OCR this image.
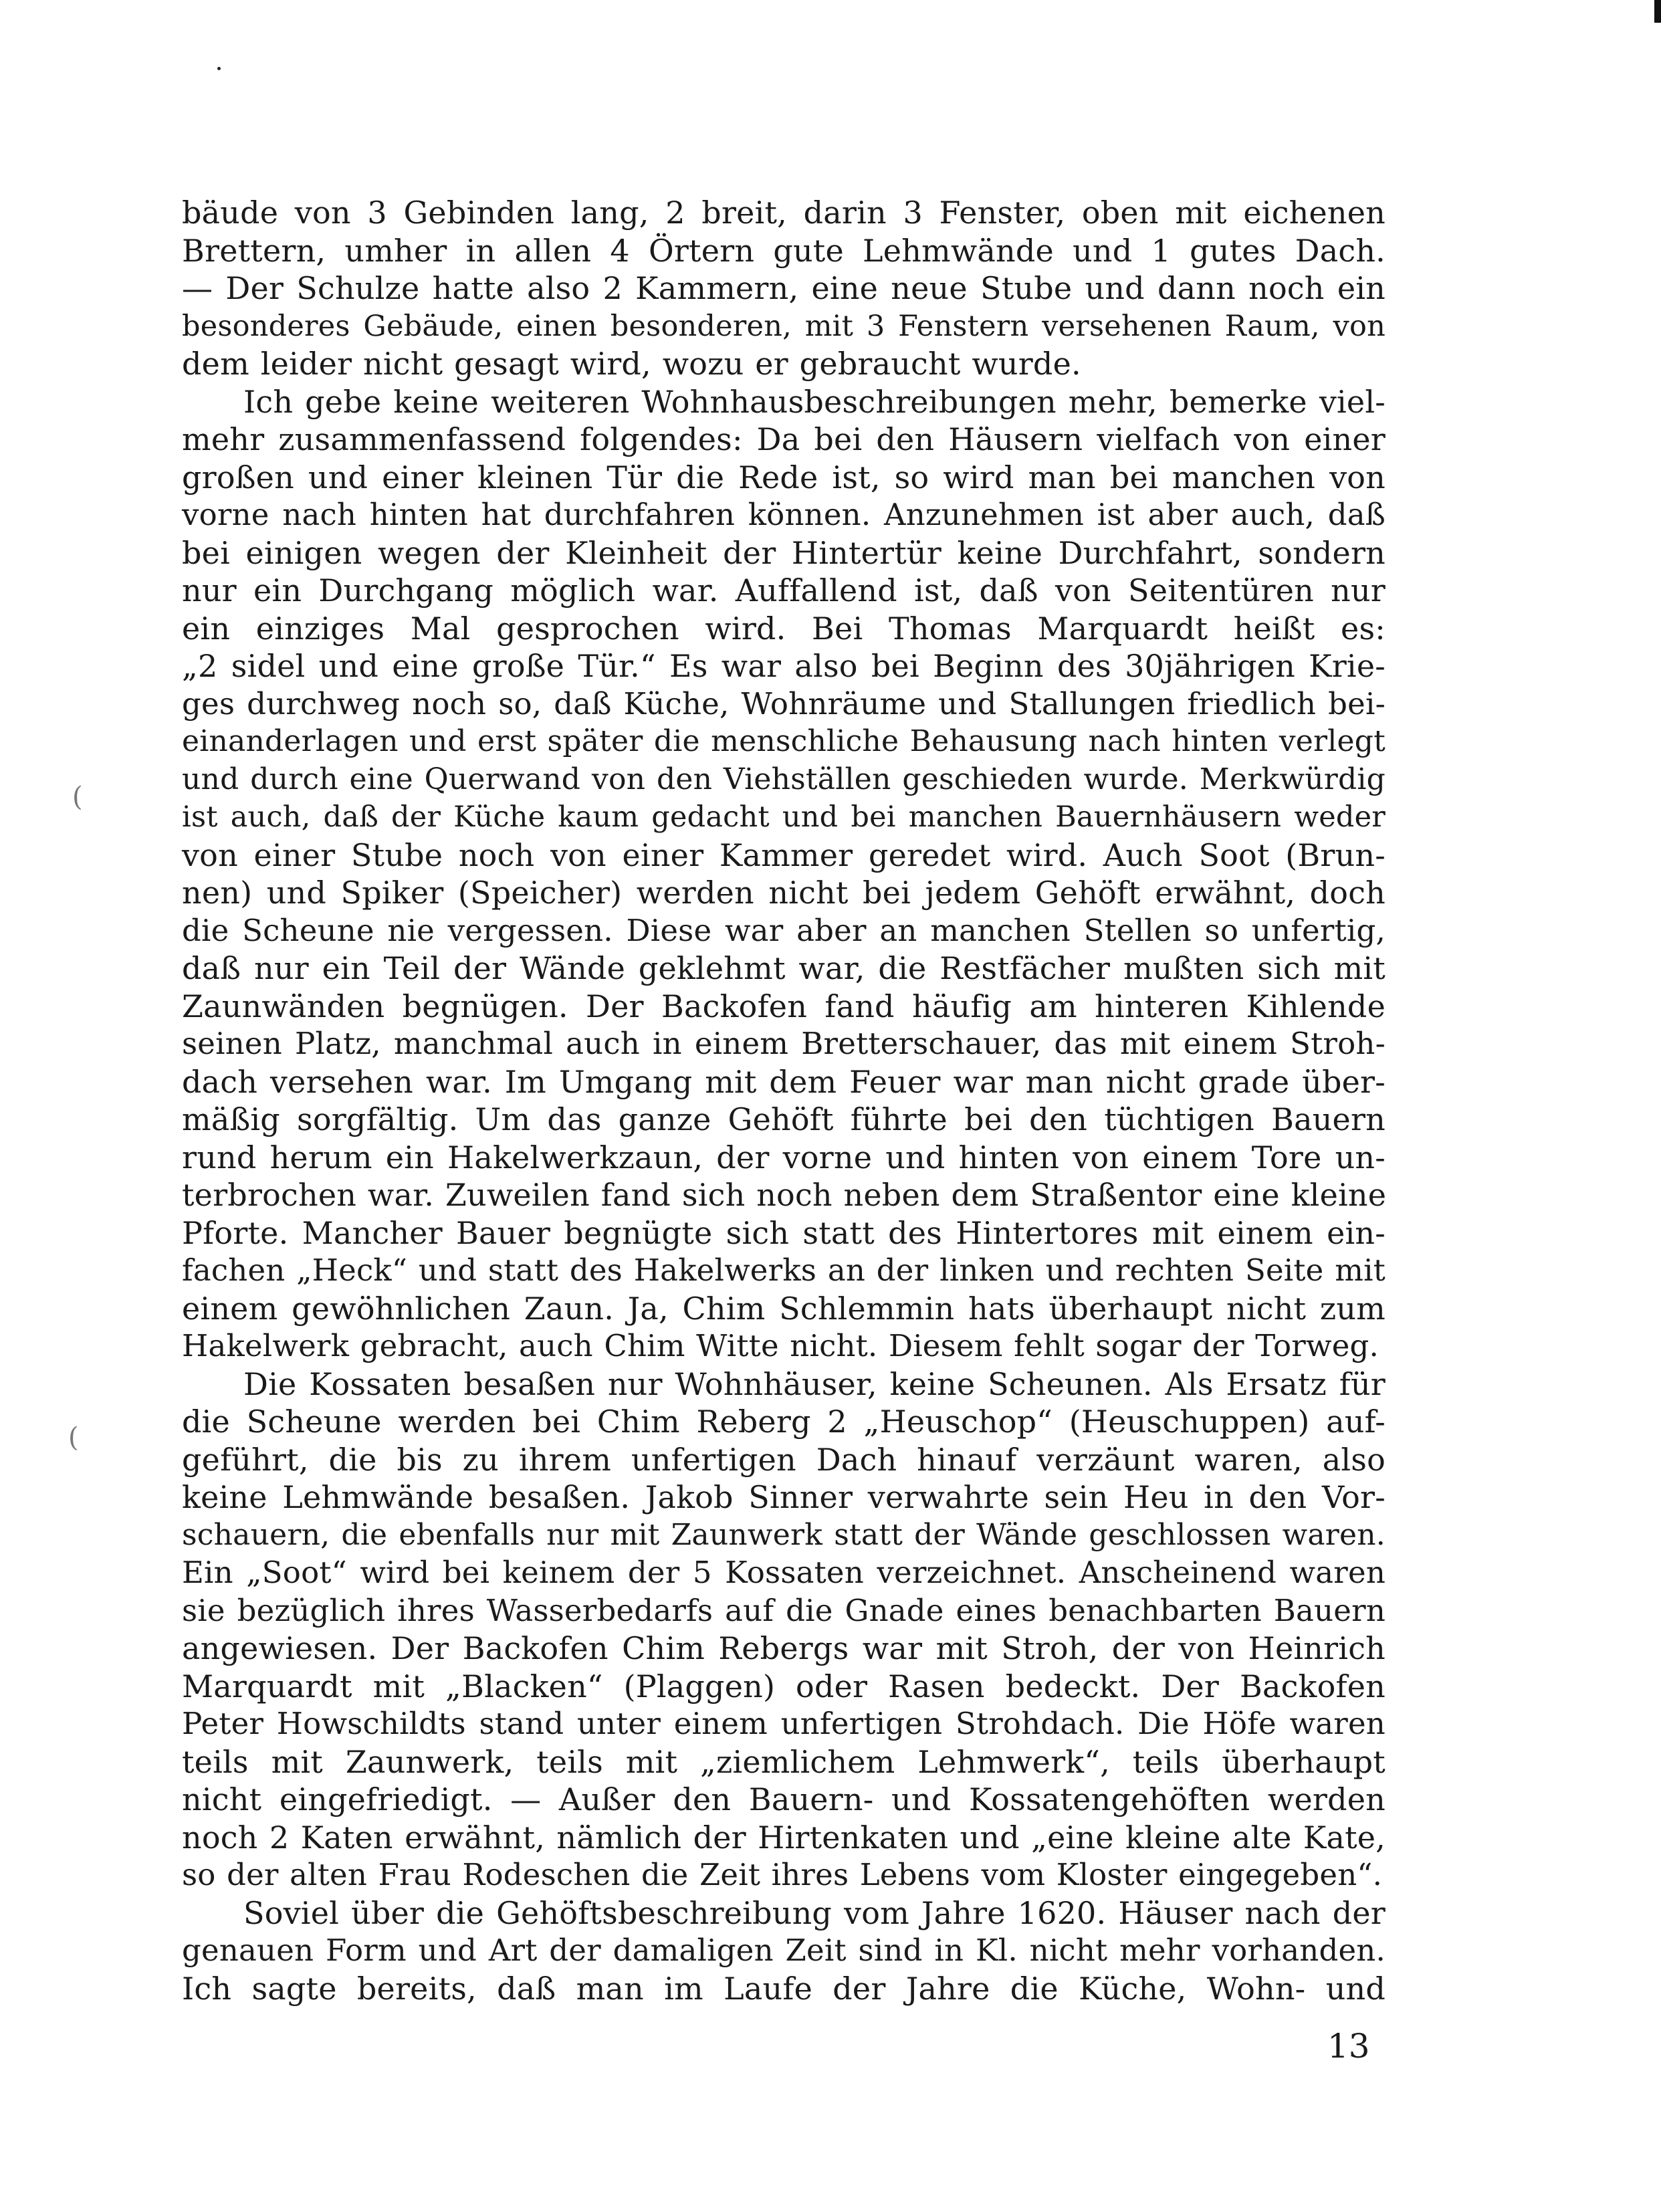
(
(
bäude von 3 Gebinden lang, 2 breit, darin 3 Fenster, oben mit eichenen
Brettern, umher in allen 4 Örtern gute Lehmwände und 1 gutes Dach.
— Der Schulze hatte also 2 Kammern, eine neue Stube und dann noch ein
besonderes Gebäude, einen besonderen, mit 3 Fenstern versehenen Raum, von
dem leider nicht gesagt wird, wozu er gebraucht wurde.
Ich gebe keine weiteren Wohnhausbeschreibungen mehr, bemerke viel-
mehr zusammenfassend folgendes: Da bei den Häusern vielfach von einer
großen und einer kleinen Tür die Rede ist, so wird man bei manchen von
vorne nach hinten hat durchfahren können. Anzunehmen ist aber auch, daß
bei einigen wegen der Kleinheit der Hintertür keine Durchfahrt, sondern
nur ein Durchgang möglich war. Auffallend ist, daß von Seitentüren nur
ein einziges Mal gesprochen wird. Bei Thomas Marquardt heißt es:
„2 sidel und eine große Tür.“ Es war also bei Beginn des 30jährigen Krie-
ges durchweg noch so, daß Küche, Wohnräume und Stallungen friedlich bei-
einanderlagen und erst später die menschliche Behausung nach hinten verlegt
und durch eine Querwand von den Viehställen geschieden wurde. Merkwürdig
ist auch, daß der Küche kaum gedacht und bei manchen Bauernhäusern weder
von einer Stube noch von einer Kammer geredet wird. Auch Soot (Brun-
nen) und Spiker (Speicher) werden nicht bei jedem Gehöft erwähnt, doch
die Scheune nie vergessen. Diese war aber an manchen Stellen so unfertig,
daß nur ein Teil der Wände geklehmt war, die Restfächer mußten sich mit
Zaunwänden begnügen. Der Backofen fand häufig am hinteren Kihlende
seinen Platz, manchmal auch in einem Bretterschauer, das mit einem Stroh-
dach versehen war. Im Umgang mit dem Feuer war man nicht grade über-
mäßig sorgfältig. Um das ganze Gehöft führte bei den tüchtigen Bauern
rund herum ein Hakelwerkzaun, der vorne und hinten von einem Tore un-
terbrochen war. Zuweilen fand sich noch neben dem Straßentor eine kleine
Pforte. Mancher Bauer begnügte sich statt des Hintertores mit einem ein-
fachen „Heck“ und statt des Hakelwerks an der linken und rechten Seite mit
einem gewöhnlichen Zaun. Ja, Chim Schlemmin hats überhaupt nicht zum
Hakelwerk gebracht, auch Chim Witte nicht. Diesem fehlt sogar der Torweg.
Die Kossaten besaßen nur Wohnhäuser, keine Scheunen. Als Ersatz für
die Scheune werden bei Chim Reberg 2 „Heuschop“ (Heuschuppen) auf-
geführt, die bis zu ihrem unfertigen Dach hinauf verzäunt waren, also
keine Lehmwände besaßen. Jakob Sinner verwahrte sein Heu in den Vor-
schauern, die ebenfalls nur mit Zaunwerk statt der Wände geschlossen waren.
Ein „Soot“ wird bei keinem der 5 Kossaten verzeichnet. Anscheinend waren
sie bezüglich ihres Wasserbedarfs auf die Gnade eines benachbarten Bauern
angewiesen. Der Backofen Chim Rebergs war mit Stroh, der von Heinrich
Marquardt mit „Blacken“ (Plaggen) oder Rasen bedeckt. Der Backofen
Peter Howschildts stand unter einem unfertigen Strohdach. Die Höfe waren
teils mit Zaunwerk, teils mit „ziemlichem Lehmwerk“, teils überhaupt
nicht eingefriedigt. — Außer den Bauern- und Kossatengehöften werden
noch 2 Katen erwähnt, nämlich der Hirtenkaten und „eine kleine alte Kate,
so der alten Frau Rodeschen die Zeit ihres Lebens vom Kloster eingegeben“.
Soviel über die Gehöftsbeschreibung vom Jahre 1620. Häuser nach der
genauen Form und Art der damaligen Zeit sind in Kl. nicht mehr vorhanden.
Ich sagte bereits, daß man im Laufe der Jahre die Küche, Wohn- und
13
